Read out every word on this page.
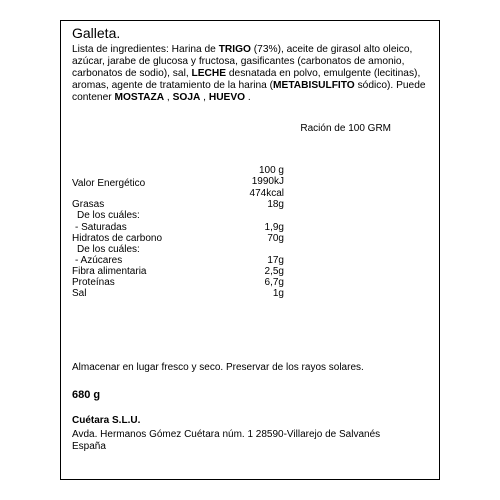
Galleta.
Lista de ingredientes: Harina de TRIGO (73%), aceite de girasol alto oleico, azúcar, jarabe de glucosa y fructosa, gasificantes (carbonatos de amonio, carbonatos de sodio), sal, LECHE desnatada en polvo, emulgente (lecitinas), aromas, agente de tratamiento de la harina (METABISULFITO sódico). Puede contener MOSTAZA , SOJA , HUEVO .
Ración de 100 GRM
100 g
Valor Energético	1990kJ
474kcal
Grasas	18g
De los cuáles:
- Saturadas	1,9g
Hidratos de carbono	70g
De los cuáles:
- Azúcares	17g
Fibra alimentaria	2,5g
Proteínas	6,7g
Sal	1g
Almacenar en lugar fresco y seco. Preservar de los rayos solares.
680 g
Cuétara S.L.U.
Avda. Hermanos Gómez Cuétara núm. 1 28590-Villarejo de Salvanés
España
